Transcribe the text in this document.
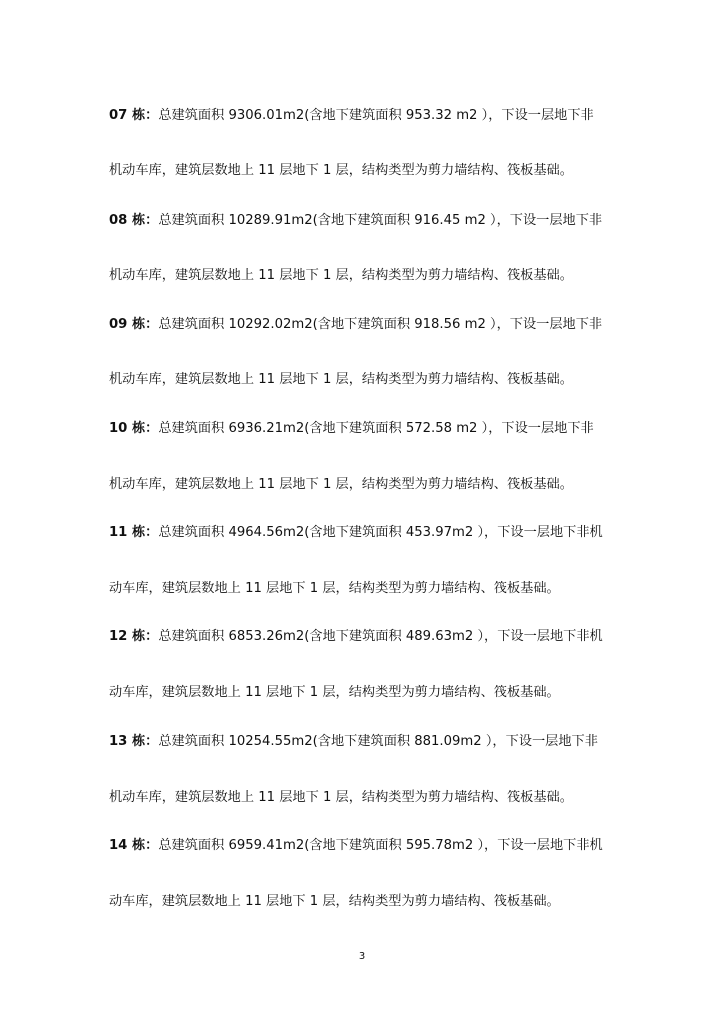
07 栋：总建筑面积 9306.01m2(含地下建筑面积 953.32 m2 ），下设一层地下非
机动车库，建筑层数地上 11 层地下 1 层，结构类型为剪力墙结构、筏板基础。
08 栋：总建筑面积 10289.91m2(含地下建筑面积 916.45 m2 ），下设一层地下非
机动车库，建筑层数地上 11 层地下 1 层，结构类型为剪力墙结构、筏板基础。
09 栋：总建筑面积 10292.02m2(含地下建筑面积 918.56 m2 ），下设一层地下非
机动车库，建筑层数地上 11 层地下 1 层，结构类型为剪力墙结构、筏板基础。
10 栋：总建筑面积 6936.21m2(含地下建筑面积 572.58 m2 ），下设一层地下非
机动车库，建筑层数地上 11 层地下 1 层，结构类型为剪力墙结构、筏板基础。
11 栋：总建筑面积 4964.56m2(含地下建筑面积 453.97m2 ），下设一层地下非机
动车库，建筑层数地上 11 层地下 1 层，结构类型为剪力墙结构、筏板基础。
12 栋：总建筑面积 6853.26m2(含地下建筑面积 489.63m2 ），下设一层地下非机
动车库，建筑层数地上 11 层地下 1 层，结构类型为剪力墙结构、筏板基础。
13 栋：总建筑面积 10254.55m2(含地下建筑面积 881.09m2 ），下设一层地下非
机动车库，建筑层数地上 11 层地下 1 层，结构类型为剪力墙结构、筏板基础。
14 栋：总建筑面积 6959.41m2(含地下建筑面积 595.78m2 ），下设一层地下非机
动车库，建筑层数地上 11 层地下 1 层，结构类型为剪力墙结构、筏板基础。
3
